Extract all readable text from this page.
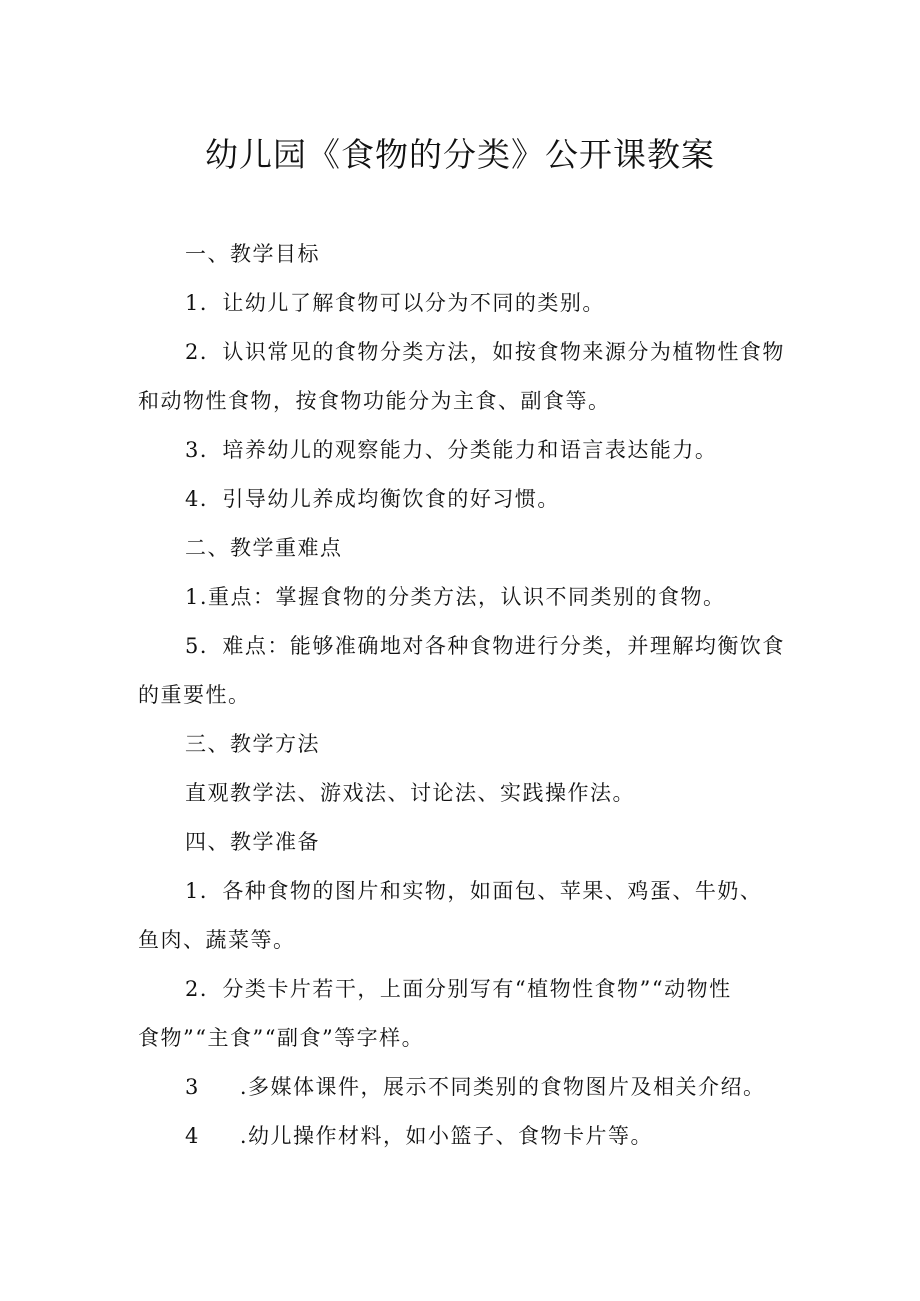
幼儿园《食物的分类》公开课教案
一、教学目标
1．让幼儿了解食物可以分为不同的类别。
2．认识常见的食物分类方法，如按食物来源分为植物性食物
和动物性食物，按食物功能分为主食、副食等。
3．培养幼儿的观察能力、分类能力和语言表达能力。
4．引导幼儿养成均衡饮食的好习惯。
二、教学重难点
1.重点：掌握食物的分类方法，认识不同类别的食物。
5．难点：能够准确地对各种食物进行分类，并理解均衡饮食
的重要性。
三、教学方法
直观教学法、游戏法、讨论法、实践操作法。
四、教学准备
1．各种食物的图片和实物，如面包、苹果、鸡蛋、牛奶、
鱼肉、蔬菜等。
2．分类卡片若干，上面分别写有“植物性食物”“动物性
食物”“主食”“副食”等字样。
3 .多媒体课件，展示不同类别的食物图片及相关介绍。
4 .幼儿操作材料，如小篮子、食物卡片等。
